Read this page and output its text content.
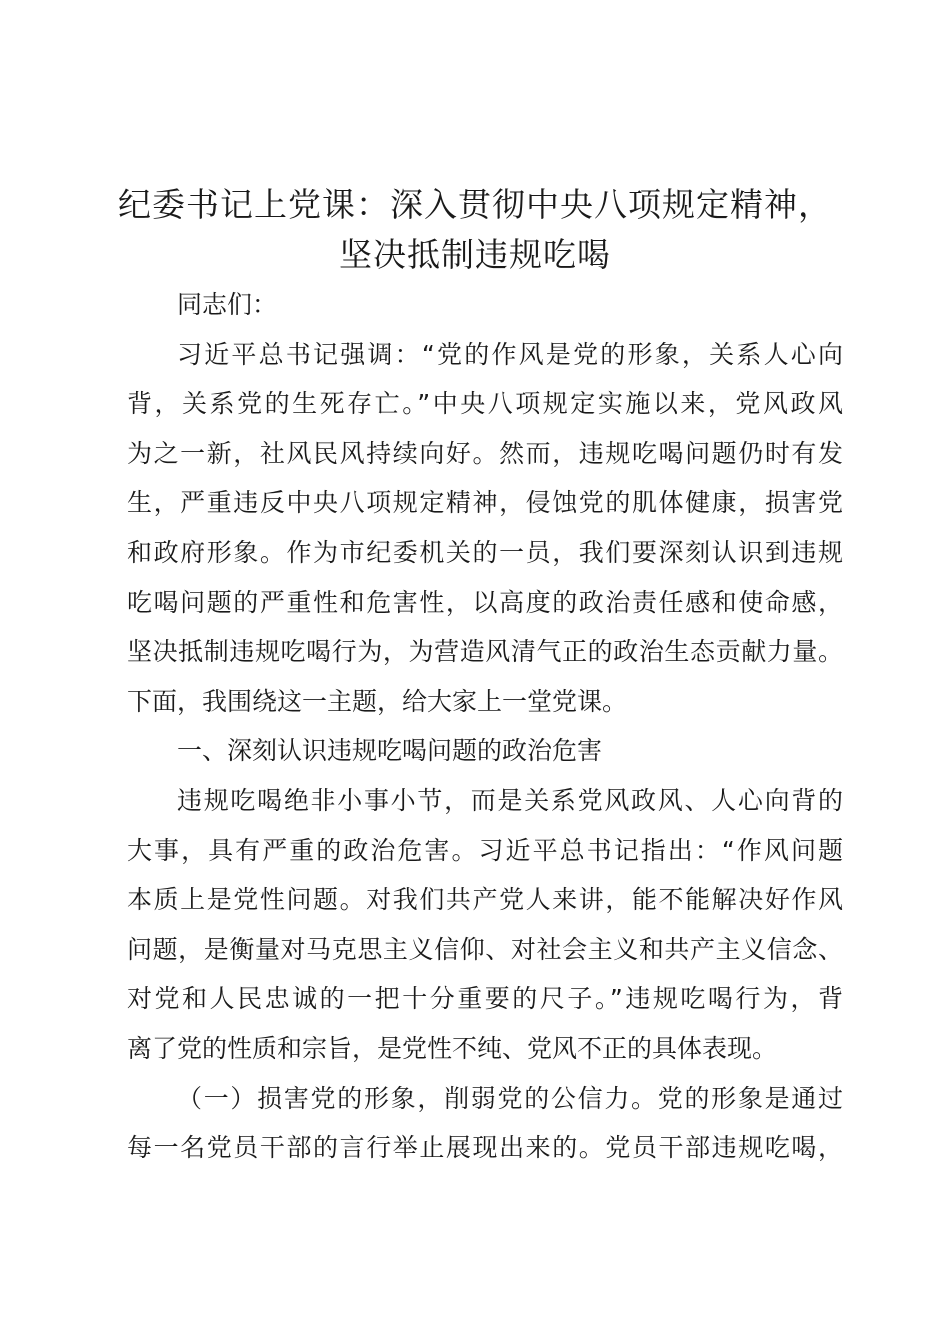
纪委书记上党课：深入贯彻中央八项规定精神，
坚决抵制违规吃喝
同志们：
习近平总书记强调：“党的作风是党的形象，关系人心向
背，关系党的生死存亡。”中央八项规定实施以来，党风政风
为之一新，社风民风持续向好。然而，违规吃喝问题仍时有发
生，严重违反中央八项规定精神，侵蚀党的肌体健康，损害党
和政府形象。作为市纪委机关的一员，我们要深刻认识到违规
吃喝问题的严重性和危害性，以高度的政治责任感和使命感，
坚决抵制违规吃喝行为，为营造风清气正的政治生态贡献力量。
下面，我围绕这一主题，给大家上一堂党课。
一、深刻认识违规吃喝问题的政治危害
违规吃喝绝非小事小节，而是关系党风政风、人心向背的
大事，具有严重的政治危害。习近平总书记指出：“作风问题
本质上是党性问题。对我们共产党人来讲，能不能解决好作风
问题，是衡量对马克思主义信仰、对社会主义和共产主义信念、
对党和人民忠诚的一把十分重要的尺子。”违规吃喝行为，背
离了党的性质和宗旨，是党性不纯、党风不正的具体表现。
（一）损害党的形象，削弱党的公信力。党的形象是通过
每一名党员干部的言行举止展现出来的。党员干部违规吃喝，
